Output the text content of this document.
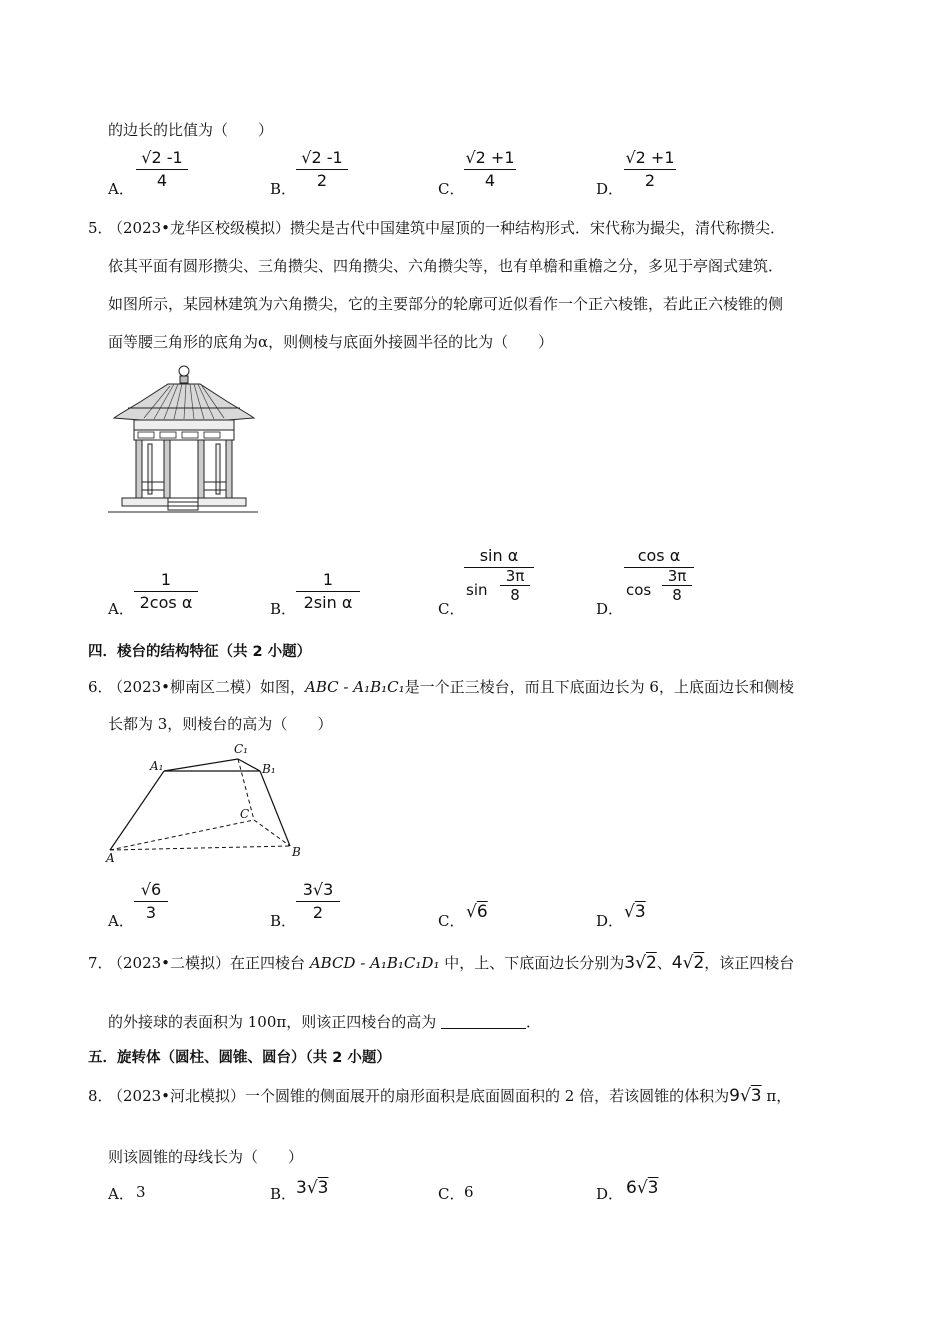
的边长的比值为（　　）
A．
√2 -1
4	B．
√2 -1
2	C．
√2 +1
4	D．
√2 +1
2
5．
（2023•龙华区校级模拟）攒尖是古代中国建筑中屋顶的一种结构形式．宋代称为撮尖，清代称攒尖．
依其平面有圆形攒尖、三角攒尖、四角攒尖、六角攒尖等，也有单檐和重檐之分，多见于亭阁式建筑．
如图所示，某园林建筑为六角攒尖，它的主要部分的轮廓可近似看作一个正六棱锥，若此正六棱锥的侧
面等腰三角形的底角为α，则侧棱与底面外接圆半径的比为（　　）
A．
1
2cos α	B．
1
2sin α	C．
sin α
sin
3π
8
D．
cos α
cos
3π
8
四．棱台的结构特征（共 2 小题）
6．
（2023•柳南区二模）如图，ABC - A₁B₁C₁是一个正三棱台，而且下底面边长为 6，上底面边长和侧棱
长都为 3，则棱台的高为（　　）
A₁
C₁
B₁
C
A	B
A．
√6
3	B．
3√3
2	C． √6	D． √3
7．
（2023•二模拟）在正四棱台 ABCD - A₁B₁C₁D₁ 中，上、下底面边长分别为3√2、4√2，该正四棱台
的外接球的表面积为 100π，则该正四棱台的高为	．
五．旋转体（圆柱、圆锥、圆台）（共 2 小题）
8．
（2023•河北模拟）一个圆锥的侧面展开的扇形面积是底面圆面积的 2 倍，若该圆锥的体积为9√3 π，
则该圆锥的母线长为（　　）
A． 3	B． 3√3	C． 6	D． 6√3
